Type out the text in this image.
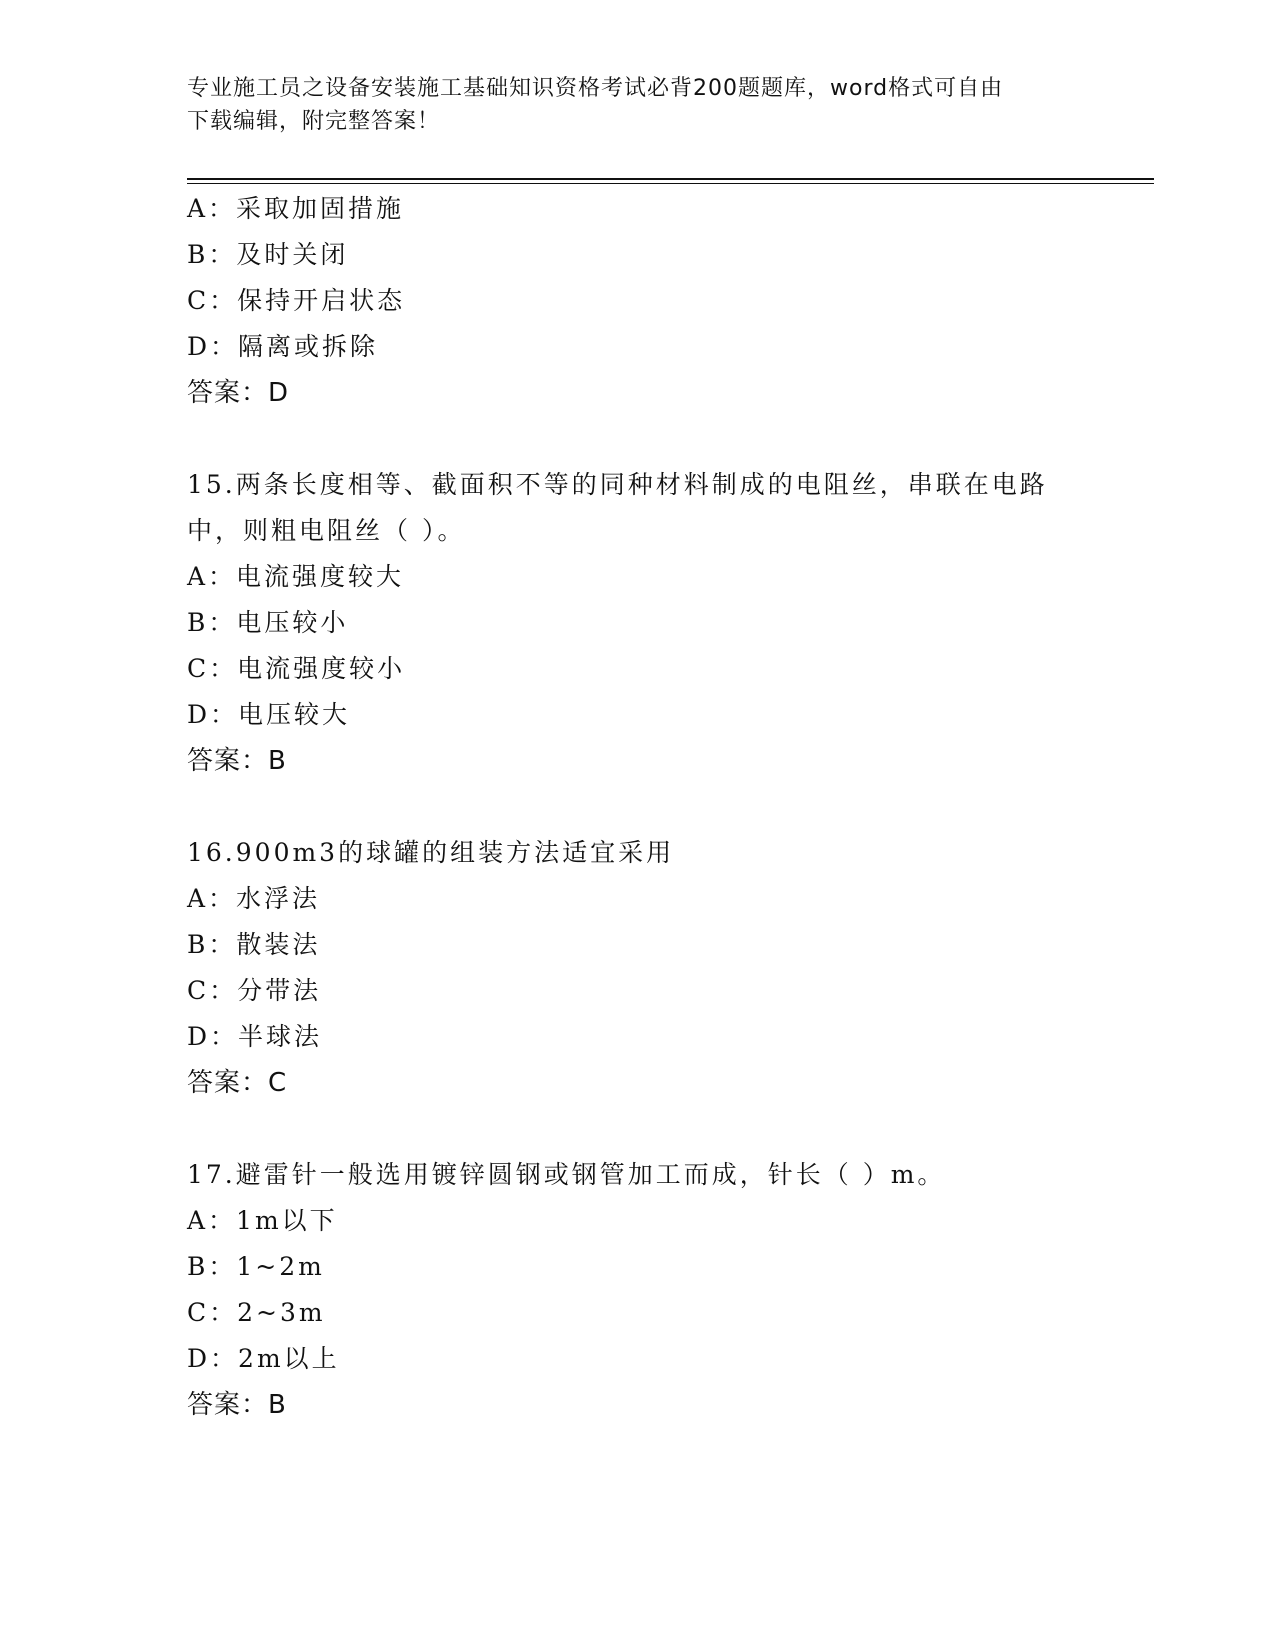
专业施工员之设备安装施工基础知识资格考试必背200题题库，word格式可自由
下载编辑，附完整答案！
A：采取加固措施
B：及时关闭
C：保持开启状态
D：隔离或拆除
答案：D
15.两条长度相等、截面积不等的同种材料制成的电阻丝，串联在电路
中，则粗电阻丝（ ）。
A：电流强度较大
B：电压较小
C：电流强度较小
D：电压较大
答案：B
16.900m3的球罐的组装方法适宜采用
A：水浮法
B：散装法
C：分带法
D：半球法
答案：C
17.避雷针一般选用镀锌圆钢或钢管加工而成，针长（ ）m。
A：1m以下
B：1~2m
C：2~3m
D：2m以上
答案：B
